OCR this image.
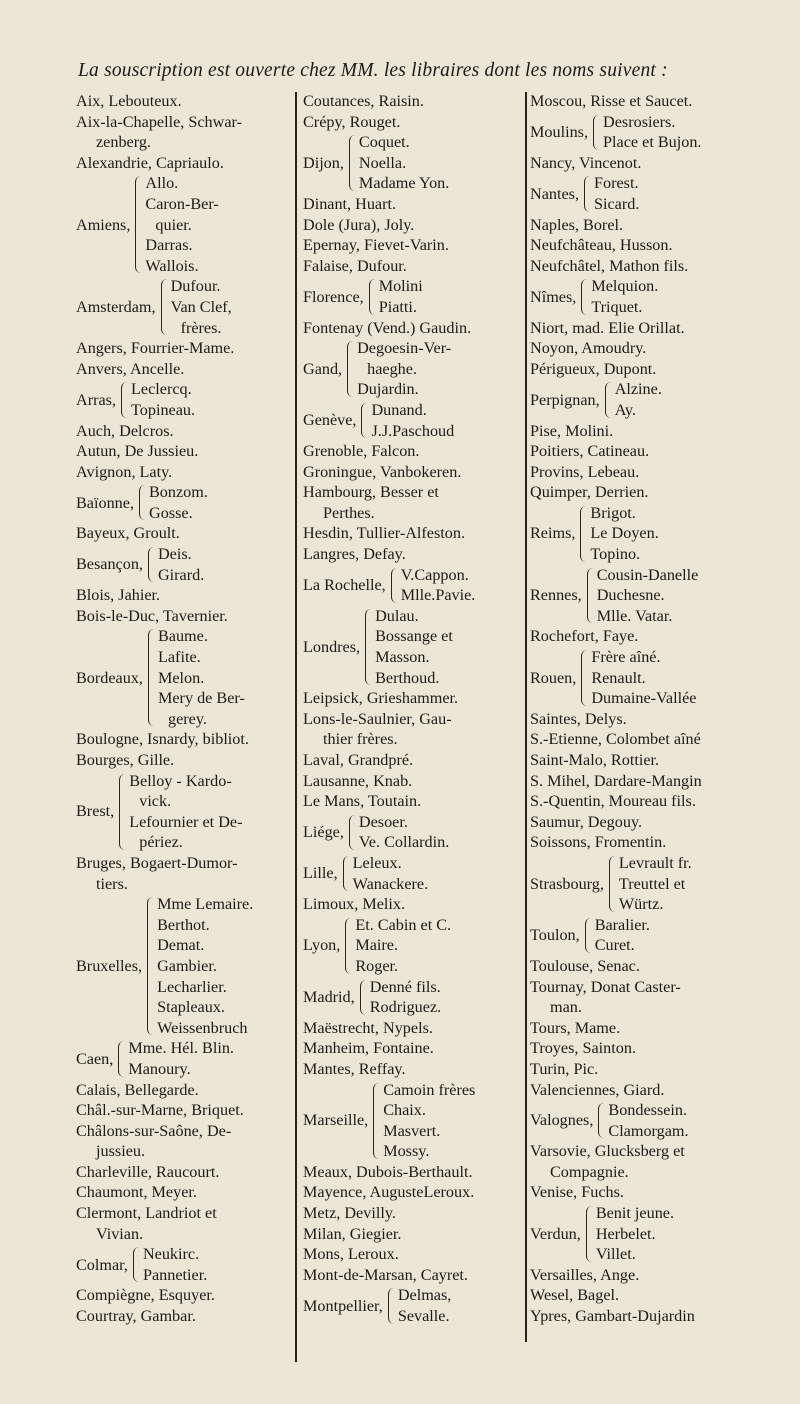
La souscription est ouverte chez MM. les libraires dont les noms suivent :
Aix, Lebouteux.
Aix-la-Chapelle, Schwar-
zenberg.
Alexandrie, Capriaulo.
Amiens,
Allo.
Caron-Ber-
quier.
Darras.
Wallois.
Amsterdam,
Dufour.
Van Clef,
frères.
Angers, Fourrier-Mame.
Anvers, Ancelle.
Arras,
Leclercq.
Topineau.
Auch, Delcros.
Autun, De Jussieu.
Avignon, Laty.
Baïonne,
Bonzom.
Gosse.
Bayeux, Groult.
Besançon,
Deis.
Girard.
Blois, Jahier.
Bois-le-Duc, Tavernier.
Bordeaux,
Baume.
Lafite.
Melon.
Mery de Ber-
gerey.
Boulogne, Isnardy, bibliot.
Bourges, Gille.
Brest,
Belloy - Kardo-
vick.
Lefournier et De-
périez.
Bruges, Bogaert-Dumor-
tiers.
Bruxelles,
Mme Lemaire.
Berthot.
Demat.
Gambier.
Lecharlier.
Stapleaux.
Weissenbruch
Caen,
Mme. Hél. Blin.
Manoury.
Calais, Bellegarde.
Châl.-sur-Marne, Briquet.
Châlons-sur-Saône, De-
jussieu.
Charleville, Raucourt.
Chaumont, Meyer.
Clermont, Landriot et
Vivian.
Colmar,
Neukirc.
Pannetier.
Compiègne, Esquyer.
Courtray, Gambar.
Coutances, Raisin.
Crépy, Rouget.
Dijon,
Coquet.
Noella.
Madame Yon.
Dinant, Huart.
Dole (Jura), Joly.
Epernay, Fievet-Varin.
Falaise, Dufour.
Florence,
Molini
Piatti.
Fontenay (Vend.) Gaudin.
Gand,
Degoesin-Ver-
haeghe.
Dujardin.
Genève,
Dunand.
J.J.Paschoud
Grenoble, Falcon.
Groningue, Vanbokeren.
Hambourg, Besser et
Perthes.
Hesdin, Tullier-Alfeston.
Langres, Defay.
La Rochelle,
V.Cappon.
Mlle.Pavie.
Londres,
Dulau.
Bossange et
Masson.
Berthoud.
Leipsick, Grieshammer.
Lons-le-Saulnier, Gau-
thier frères.
Laval, Grandpré.
Lausanne, Knab.
Le Mans, Toutain.
Liége,
Desoer.
Ve. Collardin.
Lille,
Leleux.
Wanackere.
Limoux, Melix.
Lyon,
Et. Cabin et C.
Maire.
Roger.
Madrid,
Denné fils.
Rodriguez.
Maëstrecht, Nypels.
Manheim, Fontaine.
Mantes, Reffay.
Marseille,
Camoin frères
Chaix.
Masvert.
Mossy.
Meaux, Dubois-Berthault.
Mayence, AugusteLeroux.
Metz, Devilly.
Milan, Giegier.
Mons, Leroux.
Mont-de-Marsan, Cayret.
Montpellier,
Delmas,
Sevalle.
Moscou, Risse et Saucet.
Moulins,
Desrosiers.
Place et Bujon.
Nancy, Vincenot.
Nantes,
Forest.
Sicard.
Naples, Borel.
Neufchâteau, Husson.
Neufchâtel, Mathon fils.
Nîmes,
Melquion.
Triquet.
Niort, mad. Elie Orillat.
Noyon, Amoudry.
Périgueux, Dupont.
Perpignan,
Alzine.
Ay.
Pise, Molini.
Poitiers, Catineau.
Provins, Lebeau.
Quimper, Derrien.
Reims,
Brigot.
Le Doyen.
Topino.
Rennes,
Cousin-Danelle
Duchesne.
Mlle. Vatar.
Rochefort, Faye.
Rouen,
Frère aîné.
Renault.
Dumaine-Vallée
Saintes, Delys.
S.-Etienne, Colombet aîné
Saint-Malo, Rottier.
S. Mihel, Dardare-Mangin
S.-Quentin, Moureau fils.
Saumur, Degouy.
Soissons, Fromentin.
Strasbourg,
Levrault fr.
Treuttel et
Würtz.
Toulon,
Baralier.
Curet.
Toulouse, Senac.
Tournay, Donat Caster-
man.
Tours, Mame.
Troyes, Sainton.
Turin, Pic.
Valenciennes, Giard.
Valognes,
Bondessein.
Clamorgam.
Varsovie, Glucksberg et
Compagnie.
Venise, Fuchs.
Verdun,
Benit jeune.
Herbelet.
Villet.
Versailles, Ange.
Wesel, Bagel.
Ypres, Gambart-Dujardin
